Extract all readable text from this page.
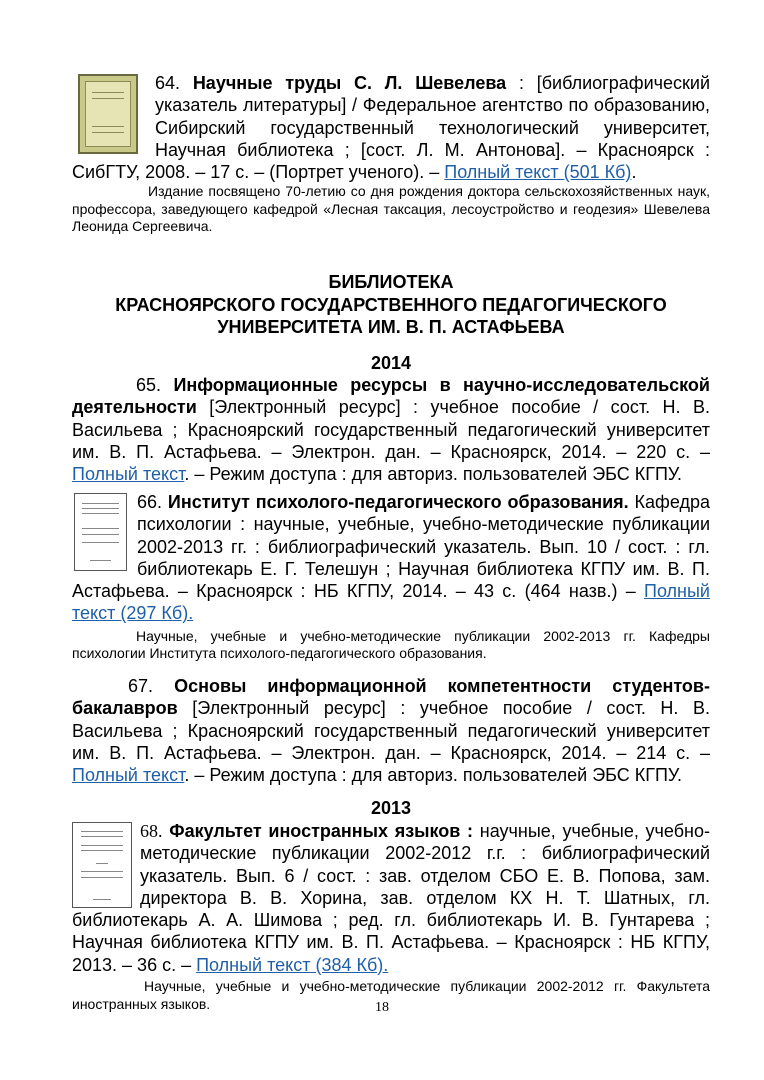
64. Научные труды С. Л. Шевелева : [библиографический указатель литературы] / Федеральное агентство по образованию, Сибирский государственный технологический университет, Научная библиотека ; [сост. Л. М. Антонова]. – Красноярск : СибГТУ, 2008. – 17 с. – (Портрет ученого). – Полный текст (501 Кб).
Издание посвящено 70-летию со дня рождения доктора сельскохозяйственных наук, профессора, заведующего кафедрой «Лесная таксация, лесоустройство и геодезия» Шевелева Леонида Сергеевича.
БИБЛИОТЕКА
КРАСНОЯРСКОГО ГОСУДАРСТВЕННОГО ПЕДАГОГИЧЕСКОГО
УНИВЕРСИТЕТА ИМ. В. П. АСТАФЬЕВА
2014
65. Информационные ресурсы в научно-исследовательской деятельности [Электронный ресурс] : учебное пособие / сост. Н. В. Васильева ; Красноярский государственный педагогический университет им. В. П. Астафьева. – Электрон. дан. – Красноярск, 2014. – 220 с. – Полный текст. – Режим доступа : для авториз. пользователей ЭБС КГПУ.
66. Институт психолого-педагогического образования. Кафедра психологии : научные, учебные, учебно-методические публикации 2002-2013 гг. : библиографический указатель. Вып. 10 / сост. : гл. библиотекарь Е. Г. Телешун ; Научная библиотека КГПУ им. В. П. Астафьева. – Красноярск : НБ КГПУ, 2014. – 43 с. (464 назв.) – Полный текст (297 Кб).
Научные, учебные и учебно-методические публикации 2002-2013 гг. Кафедры психологии Института психолого-педагогического образования.
67. Основы информационной компетентности студентов-бакалавров [Электронный ресурс] : учебное пособие / сост. Н. В. Васильева ; Красноярский государственный педагогический университет им. В. П. Астафьева. – Электрон. дан. – Красноярск, 2014. – 214 с. – Полный текст. – Режим доступа : для авториз. пользователей ЭБС КГПУ.
2013
68. Факультет иностранных языков : научные, учебные, учебно-методические публикации 2002-2012 г.г. : библиографический указатель. Вып. 6 / сост. : зав. отделом СБО Е. В. Попова, зам. директора В. В. Хорина, зав. отделом КХ Н. Т. Шатных, гл. библиотекарь А. А. Шимова ; ред. гл. библиотекарь И. В. Гунтарева ; Научная библиотека КГПУ им. В. П. Астафьева. – Красноярск : НБ КГПУ, 2013. – 36 с. – Полный текст (384 Кб).
Научные, учебные и учебно-методические публикации 2002-2012 гг. Факультета иностранных языков.	18
